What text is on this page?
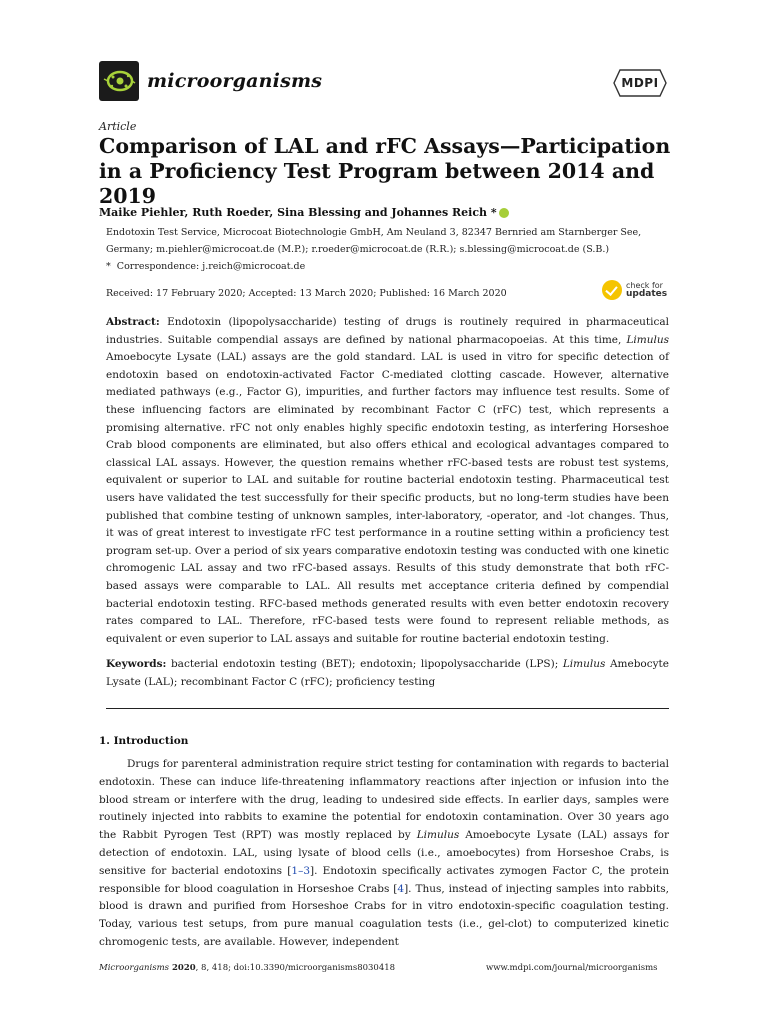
microorganisms	MDPI
Article
Comparison of LAL and rFC Assays—Participation in a Proficiency Test Program between 2014 and 2019
Maike Piehler, Ruth Roeder, Sina Blessing and Johannes Reich *
Endotoxin Test Service, Microcoat Biotechnologie GmbH, Am Neuland 3, 82347 Bernried am Starnberger See,
Germany; m.piehler@microcoat.de (M.P.); r.roeder@microcoat.de (R.R.); s.blessing@microcoat.de (S.B.)
* Correspondence: j.reich@microcoat.de
Received: 17 February 2020; Accepted: 13 March 2020; Published: 16 March 2020
check for
updates

Abstract: Endotoxin (lipopolysaccharide) testing of drugs is routinely required in pharmaceutical industries. Suitable compendial assays are defined by national pharmacopoeias. At this time, Limulus Amoebocyte Lysate (LAL) assays are the gold standard. LAL is used in vitro for specific detection of endotoxin based on endotoxin-activated Factor C-mediated clotting cascade. However, alternative mediated pathways (e.g., Factor G), impurities, and further factors may influence test results. Some of these influencing factors are eliminated by recombinant Factor C (rFC) test, which represents a promising alternative. rFC not only enables highly specific endotoxin testing, as interfering Horseshoe Crab blood components are eliminated, but also offers ethical and ecological advantages compared to classical LAL assays. However, the question remains whether rFC-based tests are robust test systems, equivalent or superior to LAL and suitable for routine bacterial endotoxin testing. Pharmaceutical test users have validated the test successfully for their specific products, but no long-term studies have been published that combine testing of unknown samples, inter-laboratory, -operator, and -lot changes. Thus, it was of great interest to investigate rFC test performance in a routine setting within a proficiency test program set-up. Over a period of six years comparative endotoxin testing was conducted with one kinetic chromogenic LAL assay and two rFC-based assays. Results of this study demonstrate that both rFC-based assays were comparable to LAL. All results met acceptance criteria defined by compendial bacterial endotoxin testing. RFC-based methods generated results with even better endotoxin recovery rates compared to LAL. Therefore, rFC-based tests were found to represent reliable methods, as equivalent or even superior to LAL assays and suitable for routine bacterial endotoxin testing.

Keywords: bacterial endotoxin testing (BET); endotoxin; lipopolysaccharide (LPS); Limulus Amebocyte Lysate (LAL); recombinant Factor C (rFC); proficiency testing
1. Introduction
Drugs for parenteral administration require strict testing for contamination with regards to bacterial endotoxin. These can induce life-threatening inflammatory reactions after injection or infusion into the blood stream or interfere with the drug, leading to undesired side effects. In earlier days, samples were routinely injected into rabbits to examine the potential for endotoxin contamination. Over 30 years ago the Rabbit Pyrogen Test (RPT) was mostly replaced by Limulus Amoebocyte Lysate (LAL) assays for detection of endotoxin. LAL, using lysate of blood cells (i.e., amoebocytes) from Horseshoe Crabs, is sensitive for bacterial endotoxins [1–3]. Endotoxin specifically activates zymogen Factor C, the protein responsible for blood coagulation in Horseshoe Crabs [4]. Thus, instead of injecting samples into rabbits, blood is drawn and purified from Horseshoe Crabs for in vitro endotoxin-specific coagulation testing. Today, various test setups, from pure manual coagulation tests (i.e., gel-clot) to computerized kinetic chromogenic tests, are available. However, independent
Microorganisms 2020, 8, 418; doi:10.3390/microorganisms8030418	www.mdpi.com/journal/microorganisms
